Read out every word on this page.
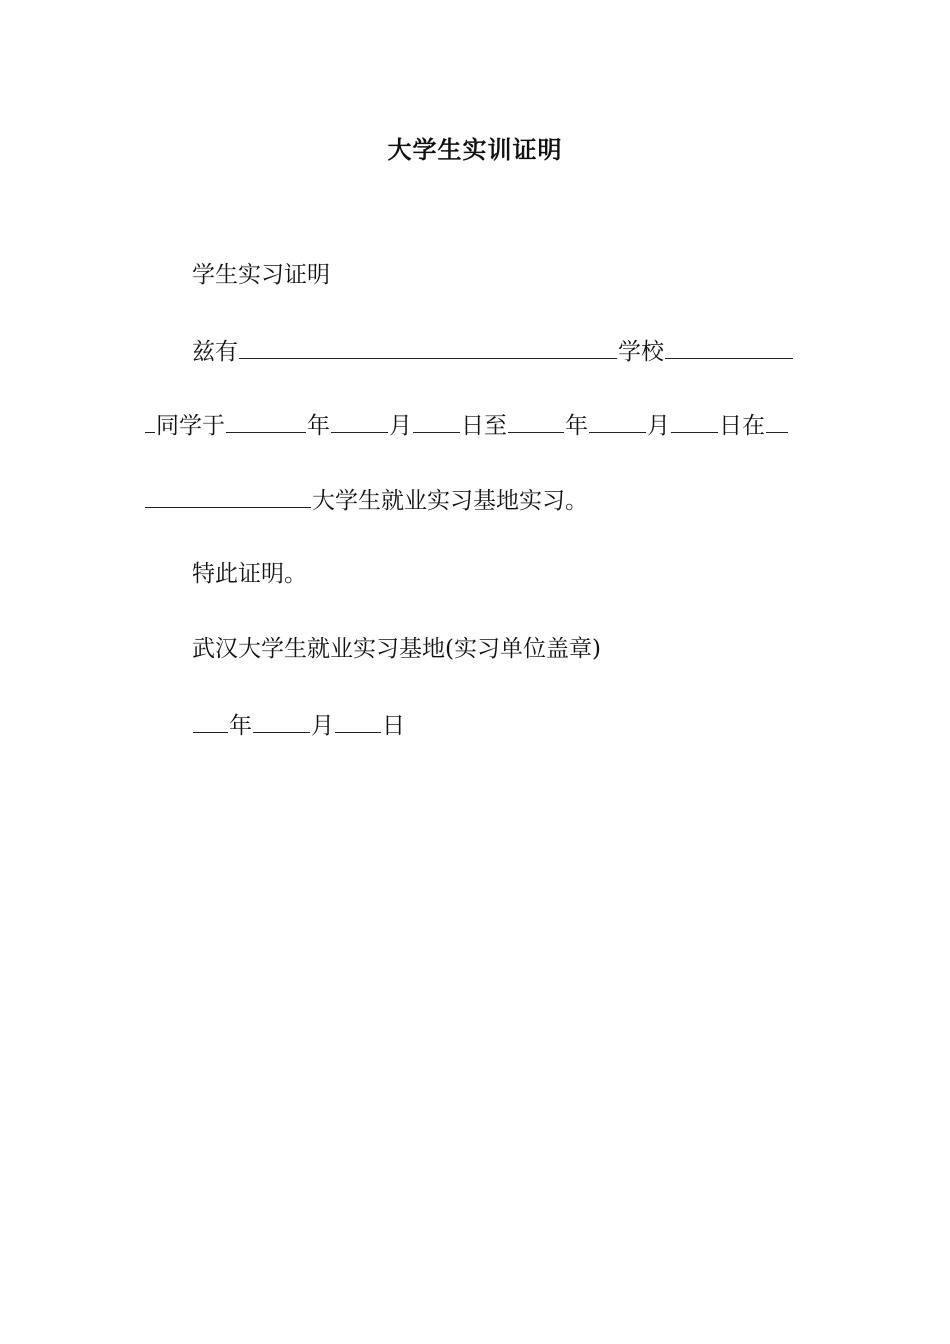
大学生实训证明
学生实习证明
兹有	学校
同学于	年	月 日至	年	月 日在
大学生就业实习基地实习。
特此证明。
武汉大学生就业实习基地(实习单位盖章)
年	月 日
